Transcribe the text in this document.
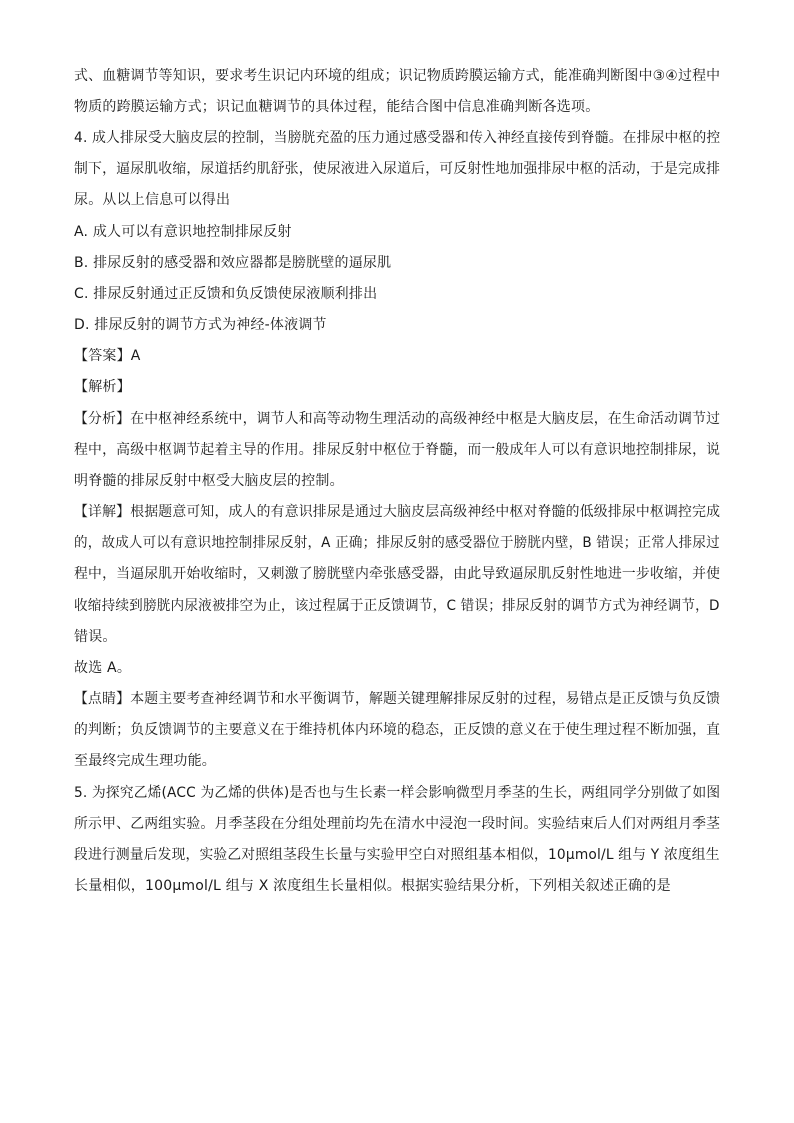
式、血糖调节等知识，要求考生识记内环境的组成；识记物质跨膜运输方式，能准确判断图中③④过程中
物质的跨膜运输方式；识记血糖调节的具体过程，能结合图中信息准确判断各选项。
4. 成人排尿受大脑皮层的控制，当膀胱充盈的压力通过感受器和传入神经直接传到脊髓。在排尿中枢的控
制下，逼尿肌收缩，尿道括约肌舒张，使尿液进入尿道后，可反射性地加强排尿中枢的活动，于是完成排
尿。从以上信息可以得出
A. 成人可以有意识地控制排尿反射
B. 排尿反射的感受器和效应器都是膀胱壁的逼尿肌
C. 排尿反射通过正反馈和负反馈使尿液顺利排出
D. 排尿反射的调节方式为神经-体液调节
【答案】A
【解析】
【分析】在中枢神经系统中，调节人和高等动物生理活动的高级神经中枢是大脑皮层，在生命活动调节过
程中，高级中枢调节起着主导的作用。排尿反射中枢位于脊髓，而一般成年人可以有意识地控制排尿，说
明脊髓的排尿反射中枢受大脑皮层的控制。
【详解】根据题意可知，成人的有意识排尿是通过大脑皮层高级神经中枢对脊髓的低级排尿中枢调控完成
的，故成人可以有意识地控制排尿反射，A 正确；排尿反射的感受器位于膀胱内壁，B 错误；正常人排尿过
程中，当逼尿肌开始收缩时，又刺激了膀胱壁内牵张感受器，由此导致逼尿肌反射性地进一步收缩，并使
收缩持续到膀胱内尿液被排空为止，该过程属于正反馈调节，C 错误；排尿反射的调节方式为神经调节，D
错误。
故选 A。
【点睛】本题主要考查神经调节和水平衡调节，解题关键理解排尿反射的过程，易错点是正反馈与负反馈
的判断；负反馈调节的主要意义在于维持机体内环境的稳态，正反馈的意义在于使生理过程不断加强，直
至最终完成生理功能。
5. 为探究乙烯(ACC 为乙烯的供体)是否也与生长素一样会影响微型月季茎的生长，两组同学分别做了如图
所示甲、乙两组实验。月季茎段在分组处理前均先在清水中浸泡一段时间。实验结束后人们对两组月季茎
段进行测量后发现，实验乙对照组茎段生长量与实验甲空白对照组基本相似，10μmol/L 组与 Y 浓度组生
长量相似，100μmol/L 组与 X 浓度组生长量相似。根据实验结果分析，下列相关叙述正确的是
